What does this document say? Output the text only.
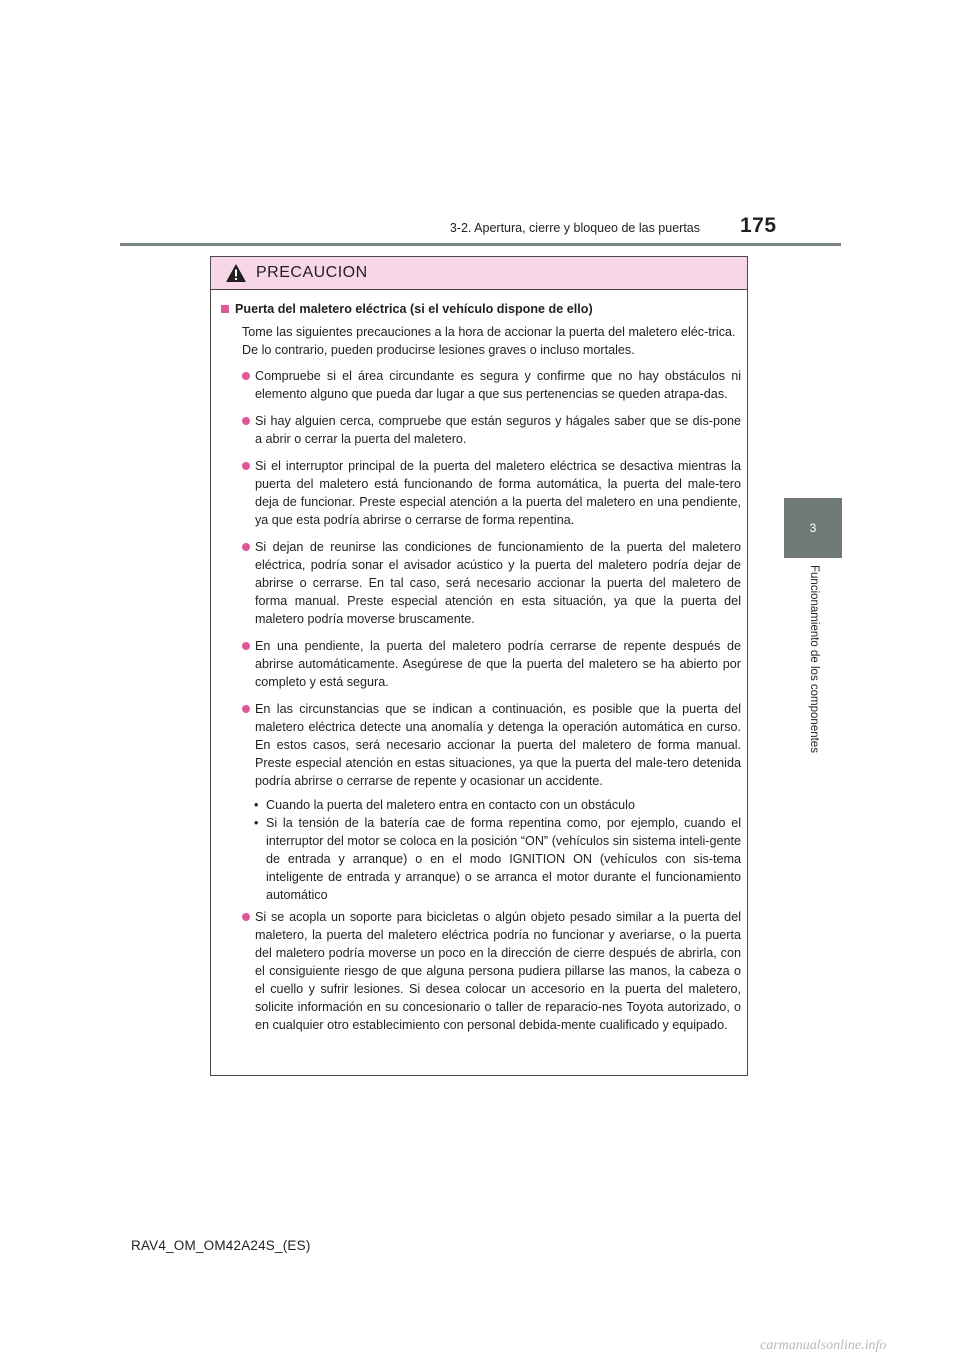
3-2. Apertura, cierre y bloqueo de las puertas 175
3
Funcionamiento de los componentes
PRECAUCION
Puerta del maletero eléctrica (si el vehículo dispone de ello)
Tome las siguientes precauciones a la hora de accionar la puerta del maletero eléc-trica.
De lo contrario, pueden producirse lesiones graves o incluso mortales.
Compruebe si el área circundante es segura y confirme que no hay obstáculos ni elemento alguno que pueda dar lugar a que sus pertenencias se queden atrapa-das.
Si hay alguien cerca, compruebe que están seguros y hágales saber que se dis-pone a abrir o cerrar la puerta del maletero.
Si el interruptor principal de la puerta del maletero eléctrica se desactiva mientras la puerta del maletero está funcionando de forma automática, la puerta del male-tero deja de funcionar. Preste especial atención a la puerta del maletero en una pendiente, ya que esta podría abrirse o cerrarse de forma repentina.
Si dejan de reunirse las condiciones de funcionamiento de la puerta del maletero eléctrica, podría sonar el avisador acústico y la puerta del maletero podría dejar de abrirse o cerrarse. En tal caso, será necesario accionar la puerta del maletero de forma manual. Preste especial atención en esta situación, ya que la puerta del maletero podría moverse bruscamente.
En una pendiente, la puerta del maletero podría cerrarse de repente después de abrirse automáticamente. Asegúrese de que la puerta del maletero se ha abierto por completo y está segura.
En las circunstancias que se indican a continuación, es posible que la puerta del maletero eléctrica detecte una anomalía y detenga la operación automática en curso. En estos casos, será necesario accionar la puerta del maletero de forma manual. Preste especial atención en estas situaciones, ya que la puerta del male-tero detenida podría abrirse o cerrarse de repente y ocasionar un accidente.
• Cuando la puerta del maletero entra en contacto con un obstáculo
• Si la tensión de la batería cae de forma repentina como, por ejemplo, cuando el interruptor del motor se coloca en la posición “ON” (vehículos sin sistema inteli-gente de entrada y arranque) o en el modo IGNITION ON (vehículos con sis-tema inteligente de entrada y arranque) o se arranca el motor durante el funcionamiento automático
Si se acopla un soporte para bicicletas o algún objeto pesado similar a la puerta del maletero, la puerta del maletero eléctrica podría no funcionar y averiarse, o la puerta del maletero podría moverse un poco en la dirección de cierre después de abrirla, con el consiguiente riesgo de que alguna persona pudiera pillarse las manos, la cabeza o el cuello y sufrir lesiones. Si desea colocar un accesorio en la puerta del maletero, solicite información en su concesionario o taller de reparacio-nes Toyota autorizado, o en cualquier otro establecimiento con personal debida-mente cualificado y equipado.
RAV4_OM_OM42A24S_(ES)
carmanualsonline.info
